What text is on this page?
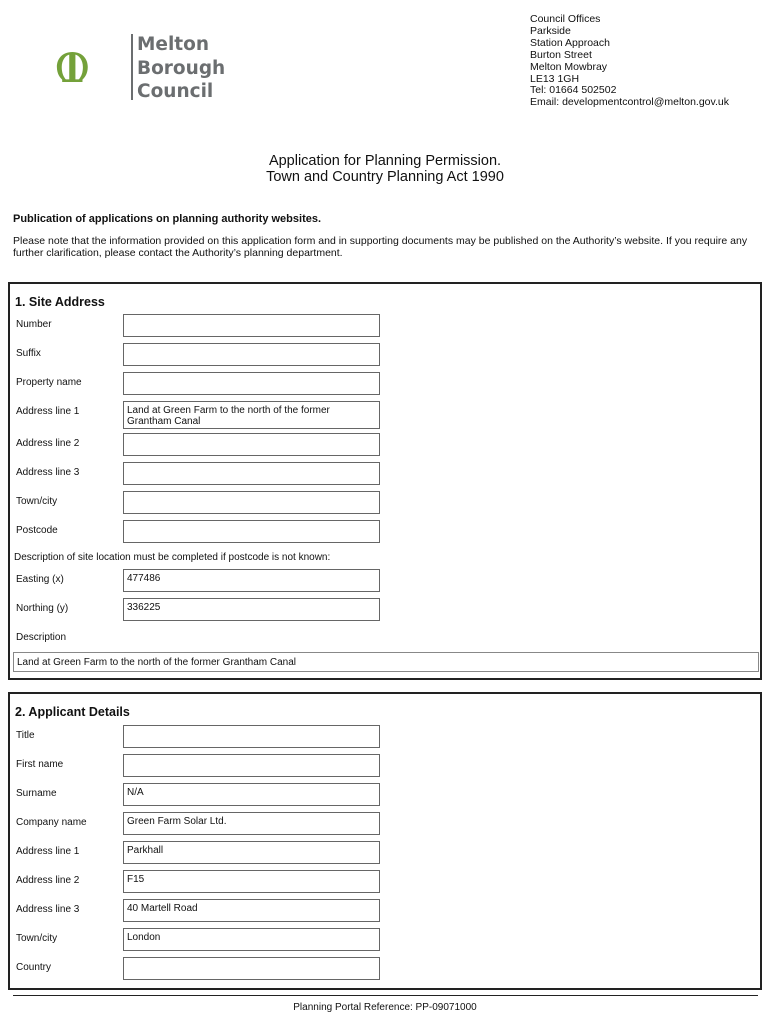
Melton
Borough
Council
Council Offices
Parkside
Station Approach
Burton Street
Melton Mowbray
LE13 1GH
Tel: 01664 502502
Email: developmentcontrol@melton.gov.uk
Application for Planning Permission.
Town and Country Planning Act 1990
Publication of applications on planning authority websites.
Please note that the information provided on this application form and in supporting documents may be published on the Authority’s website. If you require any further clarification, please contact the Authority’s planning department.
1. Site Address
Number
Suffix
Property name
Address line 1	Land at Green Farm to the north of the former Grantham Canal
Address line 2
Address line 3
Town/city
Postcode
Description of site location must be completed if postcode is not known:
Easting (x)	477486
Northing (y)	336225
Description
Land at Green Farm to the north of the former Grantham Canal
2. Applicant Details
Title
First name
Surname	N/A
Company name	Green Farm Solar Ltd.
Address line 1	Parkhall
Address line 2	F15
Address line 3	40 Martell Road
Town/city	London
Country
Planning Portal Reference: PP-09071000
